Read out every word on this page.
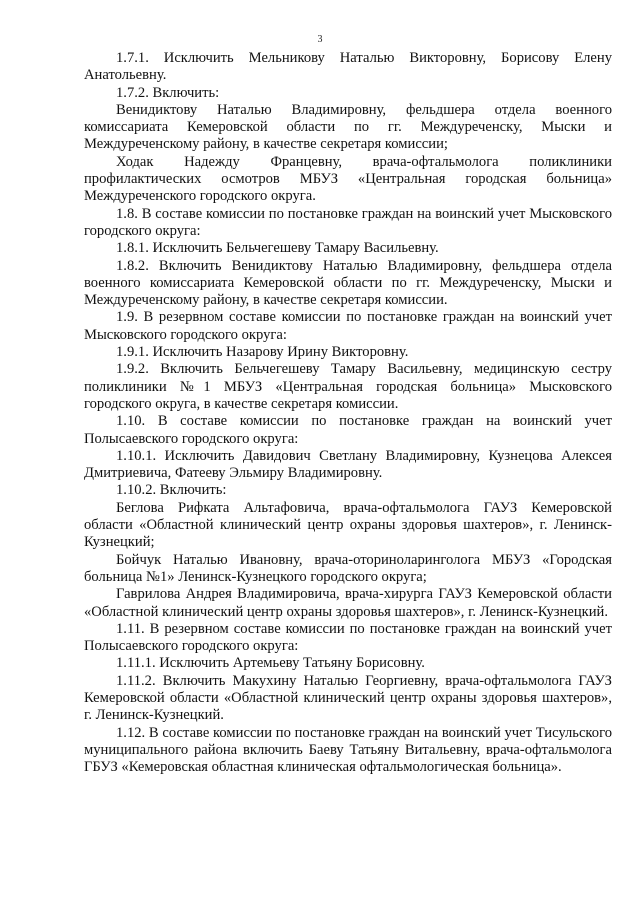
3

1.7.1. Исключить Мельникову Наталью Викторовну, Борисову Елену Анатольевну.

1.7.2. Включить:

Венидиктову Наталью Владимировну, фельдшера отдела военного комиссариата Кемеровской области по гг. Междуреченску, Мыски и Междуреченскому району, в качестве секретаря комиссии;

Ходак Надежду Францевну, врача-офтальмолога поликлиники профилактических осмотров МБУЗ «Центральная городская больница» Междуреченского городского округа.

1.8. В составе комиссии по постановке граждан на воинский учет Мысковского городского округа:

1.8.1. Исключить Бельчегешеву Тамару Васильевну.

1.8.2. Включить Венидиктову Наталью Владимировну, фельдшера отдела военного комиссариата Кемеровской области по гг. Междуреченску, Мыски и Междуреченскому району, в качестве секретаря комиссии.

1.9. В резервном составе комиссии по постановке граждан на воинский учет Мысковского городского округа:

1.9.1. Исключить Назарову Ирину Викторовну.

1.9.2. Включить Бельчегешеву Тамару Васильевну, медицинскую сестру поликлиники №1 МБУЗ «Центральная городская больница» Мысковского городского округа, в качестве секретаря комиссии.

1.10. В составе комиссии по постановке граждан на воинский учет Полысаевского городского округа:

1.10.1. Исключить Давидович Светлану Владимировну, Кузнецова Алексея Дмитриевича, Фатееву Эльмиру Владимировну.

1.10.2. Включить:

Беглова Рифката Альтафовича, врача-офтальмолога ГАУЗ Кемеровской области «Областной клинический центр охраны здоровья шахтеров», г. Ленинск-Кузнецкий;

Бойчук Наталью Ивановну, врача-оториноларинголога МБУЗ «Городская больница №1» Ленинск-Кузнецкого городского округа;

Гаврилова Андрея Владимировича, врача-хирурга ГАУЗ Кемеровской области «Областной клинический центр охраны здоровья шахтеров», г. Ленинск-Кузнецкий.

1.11. В резервном составе комиссии по постановке граждан на воинский учет Полысаевского городского округа:

1.11.1. Исключить Артемьеву Татьяну Борисовну.

1.11.2. Включить Макухину Наталью Георгиевну, врача-офтальмолога ГАУЗ Кемеровской области «Областной клинический центр охраны здоровья шахтеров», г. Ленинск-Кузнецкий.

1.12. В составе комиссии по постановке граждан на воинский учет Тисульского муниципального района включить Баеву Татьяну Витальевну, врача-офтальмолога ГБУЗ «Кемеровская областная клиническая офтальмологическая больница».
